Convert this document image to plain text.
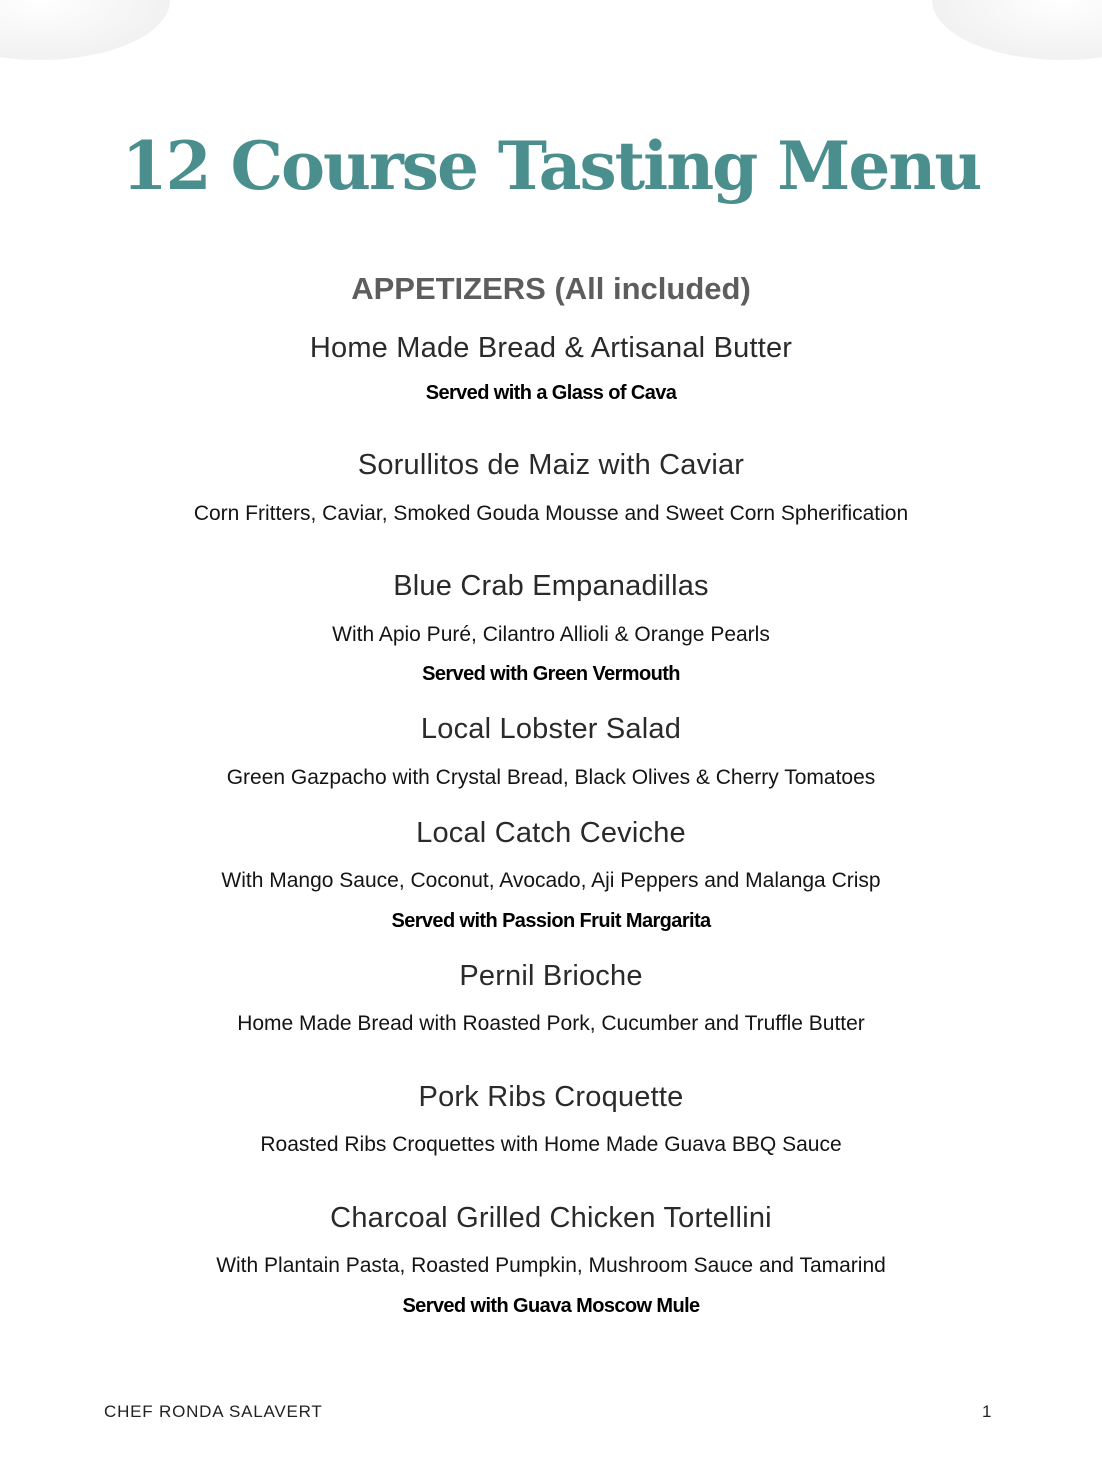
12 Course Tasting Menu
APPETIZERS (All included)
Home Made Bread & Artisanal Butter
Served with a Glass of Cava
Sorullitos de Maiz with Caviar
Corn Fritters, Caviar, Smoked Gouda Mousse and Sweet Corn Spherification
Blue Crab Empanadillas
With Apio Puré, Cilantro Allioli & Orange Pearls
Served with Green Vermouth
Local Lobster Salad
Green Gazpacho with Crystal Bread, Black Olives & Cherry Tomatoes
Local Catch Ceviche
With Mango Sauce, Coconut, Avocado, Aji Peppers and Malanga Crisp
Served with Passion Fruit Margarita
Pernil Brioche
Home Made Bread with Roasted Pork, Cucumber and Truffle Butter
Pork Ribs Croquette
Roasted Ribs Croquettes with Home Made Guava BBQ Sauce
Charcoal Grilled Chicken Tortellini
With Plantain Pasta, Roasted Pumpkin, Mushroom Sauce and Tamarind
Served with Guava Moscow Mule
CHEF RONDA SALAVERT	1
